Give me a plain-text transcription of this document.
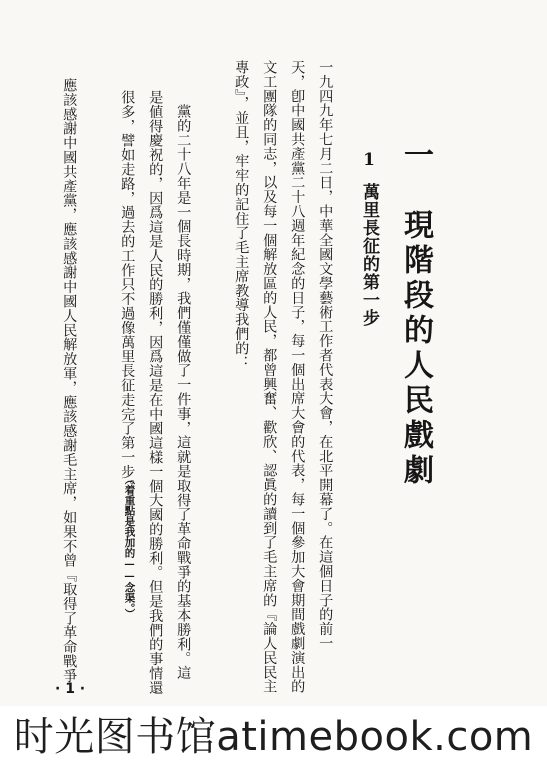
一　現階段的人民戲劇
1
萬里長征的第一步
一九四九年七月二日，中華全國文學藝術工作者代表大會，在北平開幕了。在這個日子的前一
天，卽中國共產黨二十八週年紀念的日子，每一個出席大會的代表，每一個參加大會期間戲劇演出的
文工團隊的同志，以及每一個解放區的人民，都曾興奮、歡欣、認眞的讀到了毛主席的『論人民民主
專政』，並且，牢牢的記住了毛主席教導我們的：
黨的二十八年是一個長時期，我們僅僅做了一件事，這就是取得了革命戰爭的基本勝利。這
是値得慶祝的，因爲這是人民的勝利，因爲這是在中國這樣一個大國的勝利。但是我們的事情還
很多，譬如走路，過去的工作只不過像萬里長征走完了第一步。
（着重點是我加的——念渠。）
應該感謝中國共產黨，應該感謝中國人民解放軍，應該感謝毛主席，如果不曾『取得了革命戰爭
· 1 ·
时光图书馆atimebook.com
